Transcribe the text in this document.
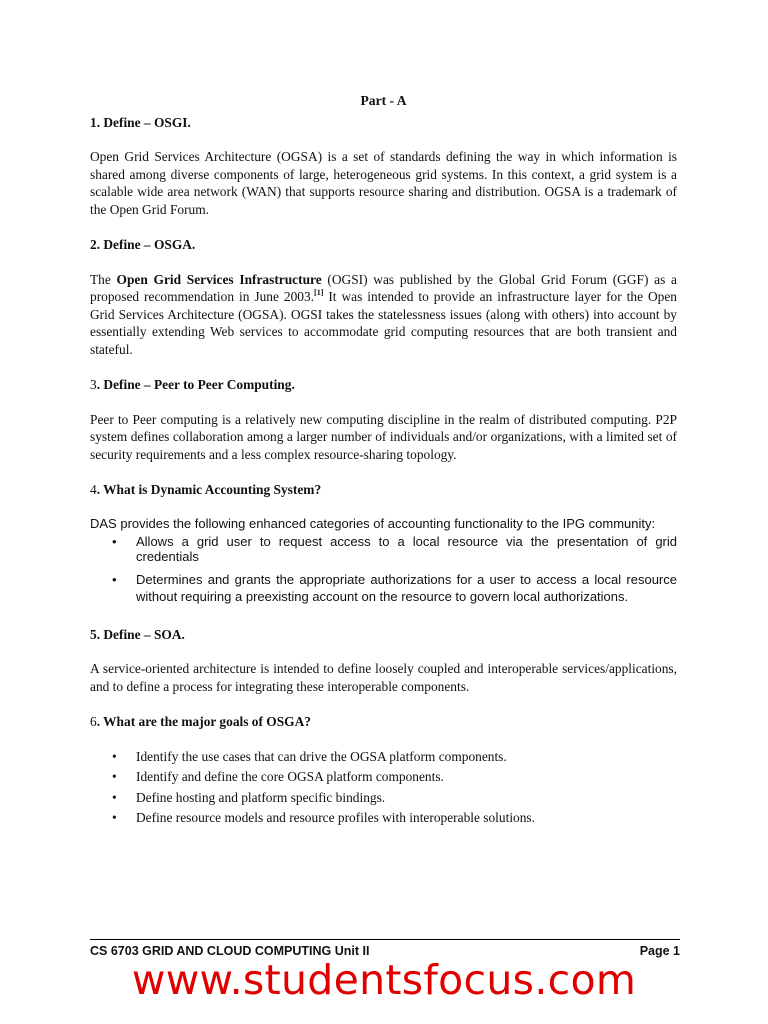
Part - A
1. Define – OSGI.

Open Grid Services Architecture (OGSA) is a set of standards defining the way in which information is shared among diverse components of large, heterogeneous grid systems. In this context, a grid system is a scalable wide area network (WAN) that supports resource sharing and distribution. OGSA is a trademark of the Open Grid Forum.

2. Define – OSGA.

The Open Grid Services Infrastructure (OGSI) was published by the Global Grid Forum (GGF) as a proposed recommendation in June 2003.[1] It was intended to provide an infrastructure layer for the Open Grid Services Architecture (OGSA). OGSI takes the statelessness issues (along with others) into account by essentially extending Web services to accommodate grid computing resources that are both transient and stateful.

3. Define – Peer to Peer Computing.

Peer to Peer computing is a relatively new computing discipline in the realm of distributed computing. P2P system defines collaboration among a larger number of individuals and/or organizations, with a limited set of security requirements and a less complex resource-sharing topology.

4. What is Dynamic Accounting System?

DAS provides the following enhanced categories of accounting functionality to the IPG community:

• Allows a grid user to request access to a local resource via the presentation of grid credentials
• Determines and grants the appropriate authorizations for a user to access a local resource without requiring a preexisting account on the resource to govern local authorizations.
5. Define – SOA.

A service-oriented architecture is intended to define loosely coupled and interoperable services/applications, and to define a process for integrating these interoperable components.

6. What are the major goals of OSGA?
• Identify the use cases that can drive the OGSA platform components.
• Identify and define the core OGSA platform components.
• Define hosting and platform specific bindings.
• Define resource models and resource profiles with interoperable solutions.
CS 6703 GRID AND CLOUD COMPUTING Unit II	Page 1
www.studentsfocus.com
